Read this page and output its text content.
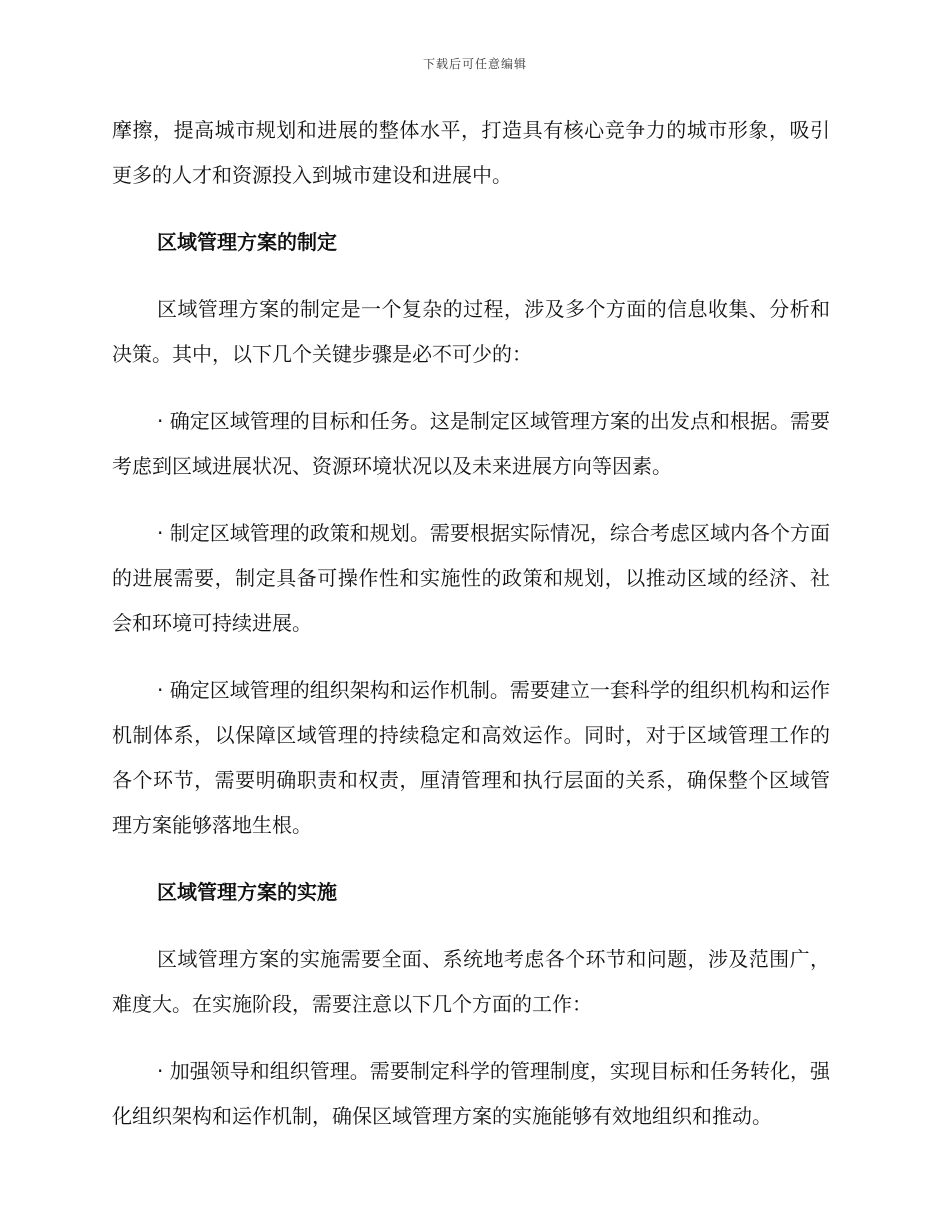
下载后可任意编辑

摩擦，提高城市规划和进展的整体水平，打造具有核心竞争力的城市形象，吸引更多的人才和资源投入到城市建设和进展中。

区域管理方案的制定

区域管理方案的制定是一个复杂的过程，涉及多个方面的信息收集、分析和决策。其中，以下几个关键步骤是必不可少的：

· 确定区域管理的目标和任务。这是制定区域管理方案的出发点和根据。需要考虑到区域进展状况、资源环境状况以及未来进展方向等因素。

· 制定区域管理的政策和规划。需要根据实际情况，综合考虑区域内各个方面的进展需要，制定具备可操作性和实施性的政策和规划，以推动区域的经济、社会和环境可持续进展。

· 确定区域管理的组织架构和运作机制。需要建立一套科学的组织机构和运作机制体系，以保障区域管理的持续稳定和高效运作。同时，对于区域管理工作的各个环节，需要明确职责和权责，厘清管理和执行层面的关系，确保整个区域管理方案能够落地生根。

区域管理方案的实施

区域管理方案的实施需要全面、系统地考虑各个环节和问题，涉及范围广，难度大。在实施阶段，需要注意以下几个方面的工作：

· 加强领导和组织管理。需要制定科学的管理制度，实现目标和任务转化，强化组织架构和运作机制，确保区域管理方案的实施能够有效地组织和推动。
